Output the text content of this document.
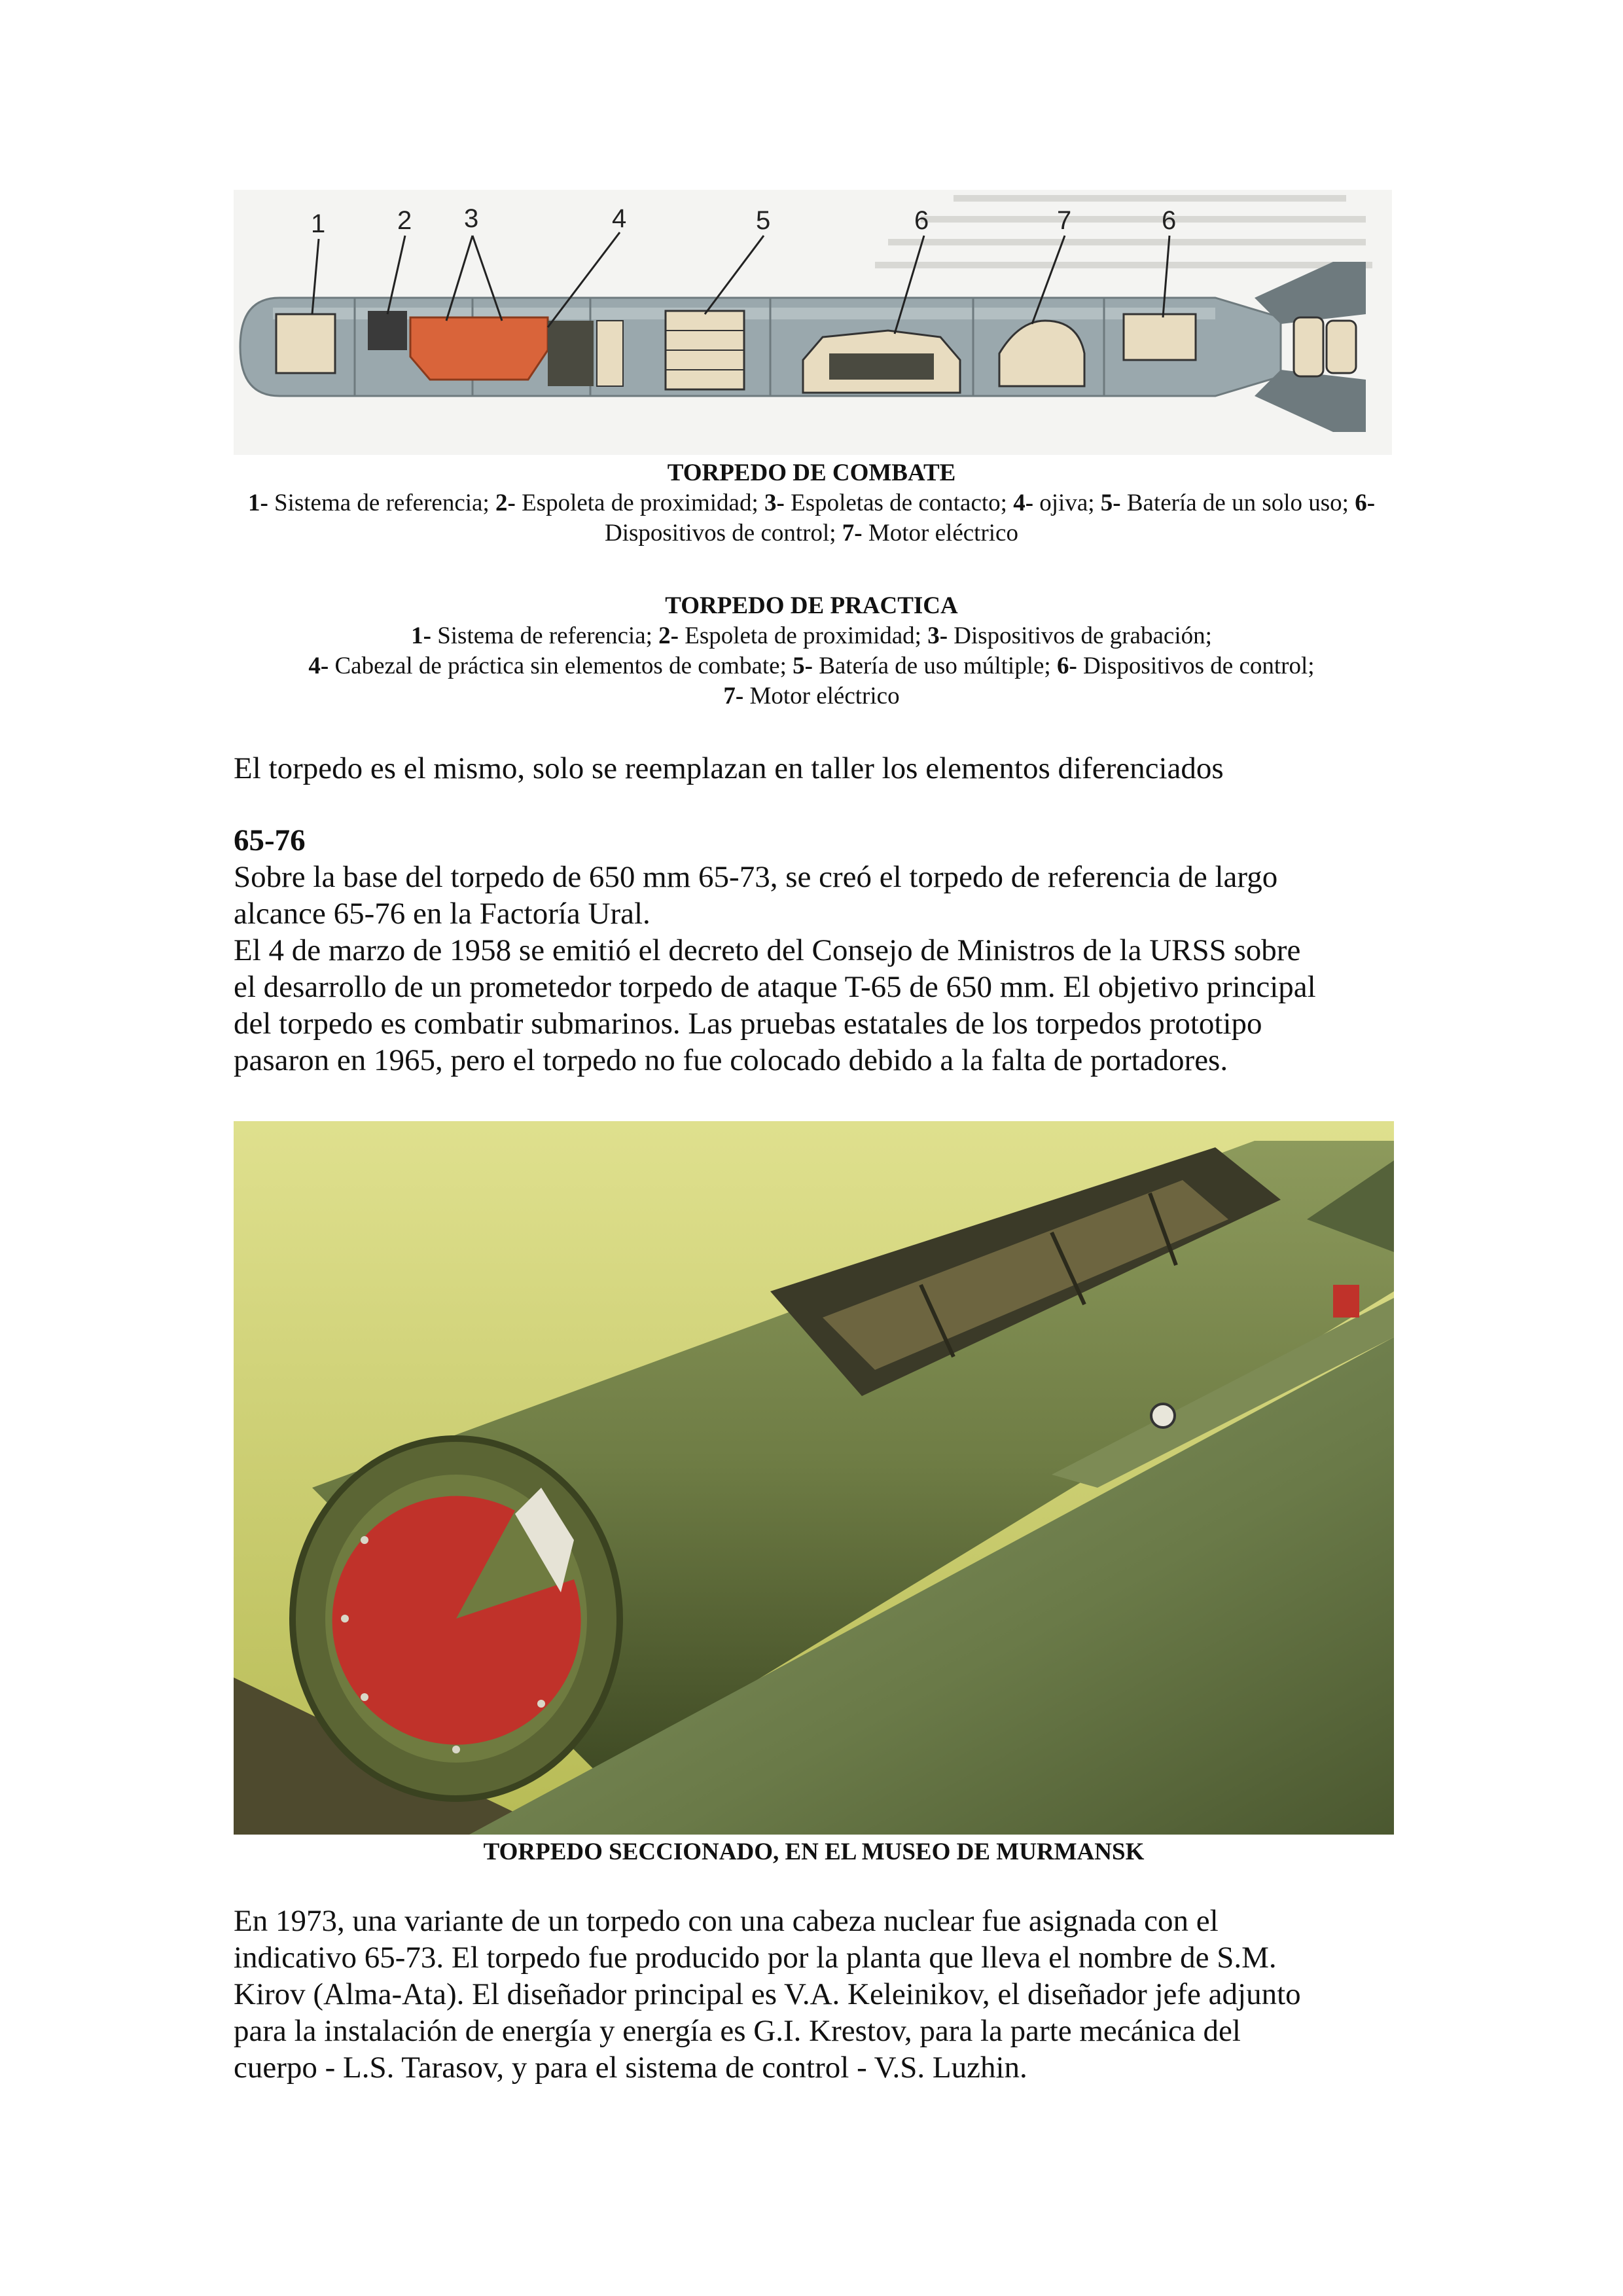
1	2 3	4	5	6	7	6
TORPEDO DE COMBATE
1- Sistema de referencia; 2- Espoleta de proximidad; 3- Espoletas de contacto; 4- ojiva; 5- Batería de un solo uso; 6- Dispositivos de control; 7- Motor eléctrico
TORPEDO DE PRACTICA
1- Sistema de referencia; 2- Espoleta de proximidad; 3- Dispositivos de grabación;
4- Cabezal de práctica sin elementos de combate; 5- Batería de uso múltiple; 6- Dispositivos de control;
7- Motor eléctrico
El torpedo es el mismo, solo se reemplazan en taller los elementos diferenciados
65-76
Sobre la base del torpedo de 650 mm 65-73, se creó el torpedo de referencia de largo
alcance 65-76 en la Factoría Ural.
El 4 de marzo de 1958 se emitió el decreto del Consejo de Ministros de la URSS sobre
el desarrollo de un prometedor torpedo de ataque T-65 de 650 mm. El objetivo principal
del torpedo es combatir submarinos. Las pruebas estatales de los torpedos prototipo
pasaron en 1965, pero el torpedo no fue colocado debido a la falta de portadores.
TORPEDO SECCIONADO, EN EL MUSEO DE MURMANSK
En 1973, una variante de un torpedo con una cabeza nuclear fue asignada con el
indicativo 65-73. El torpedo fue producido por la planta que lleva el nombre de S.M.
Kirov (Alma-Ata). El diseñador principal es V.A. Keleinikov, el diseñador jefe adjunto
para la instalación de energía y energía es G.I. Krestov, para la parte mecánica del
cuerpo - L.S. Tarasov, y para el sistema de control - V.S. Luzhin.
